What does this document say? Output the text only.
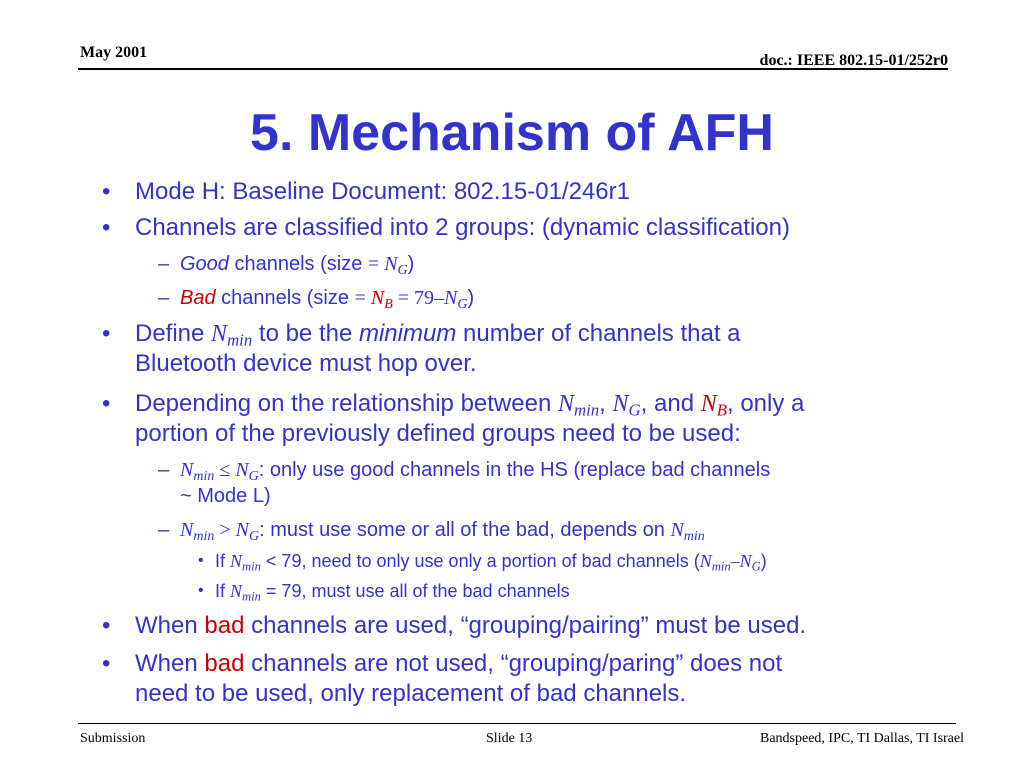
May 2001	doc.: IEEE 802.15-01/252r0
5. Mechanism of AFH
• Mode H: Baseline Document: 802.15-01/246r1
• Channels are classified into 2 groups: (dynamic classification)
– Good channels (size = $N_G$)
– Bad channels (size = $N_B = 79-N_G$)
• Define $N_{min}$ to be the minimum number of channels that a
Bluetooth device must hop over.
• Depending on the relationship between $N_{min}$, $N_G$, and $N_B$, only a
portion of the previously defined groups need to be used:
– $N_{min} \le N_G$: only use good channels in the HS (replace bad channels
~ Mode L)
– $N_{min} > N_G$: must use some or all of the bad, depends on $N_{min}$
• If $N_{min} < 79$, need to only use only a portion of bad channels $(N_{min}-N_G)$
• If $N_{min} = 79$, must use all of the bad channels
• When bad channels are used, “grouping/pairing” must be used.
• When bad channels are not used, “grouping/paring” does not
need to be used, only replacement of bad channels.
Submission	Slide 13	Bandspeed, IPC, TI Dallas, TI Israel
